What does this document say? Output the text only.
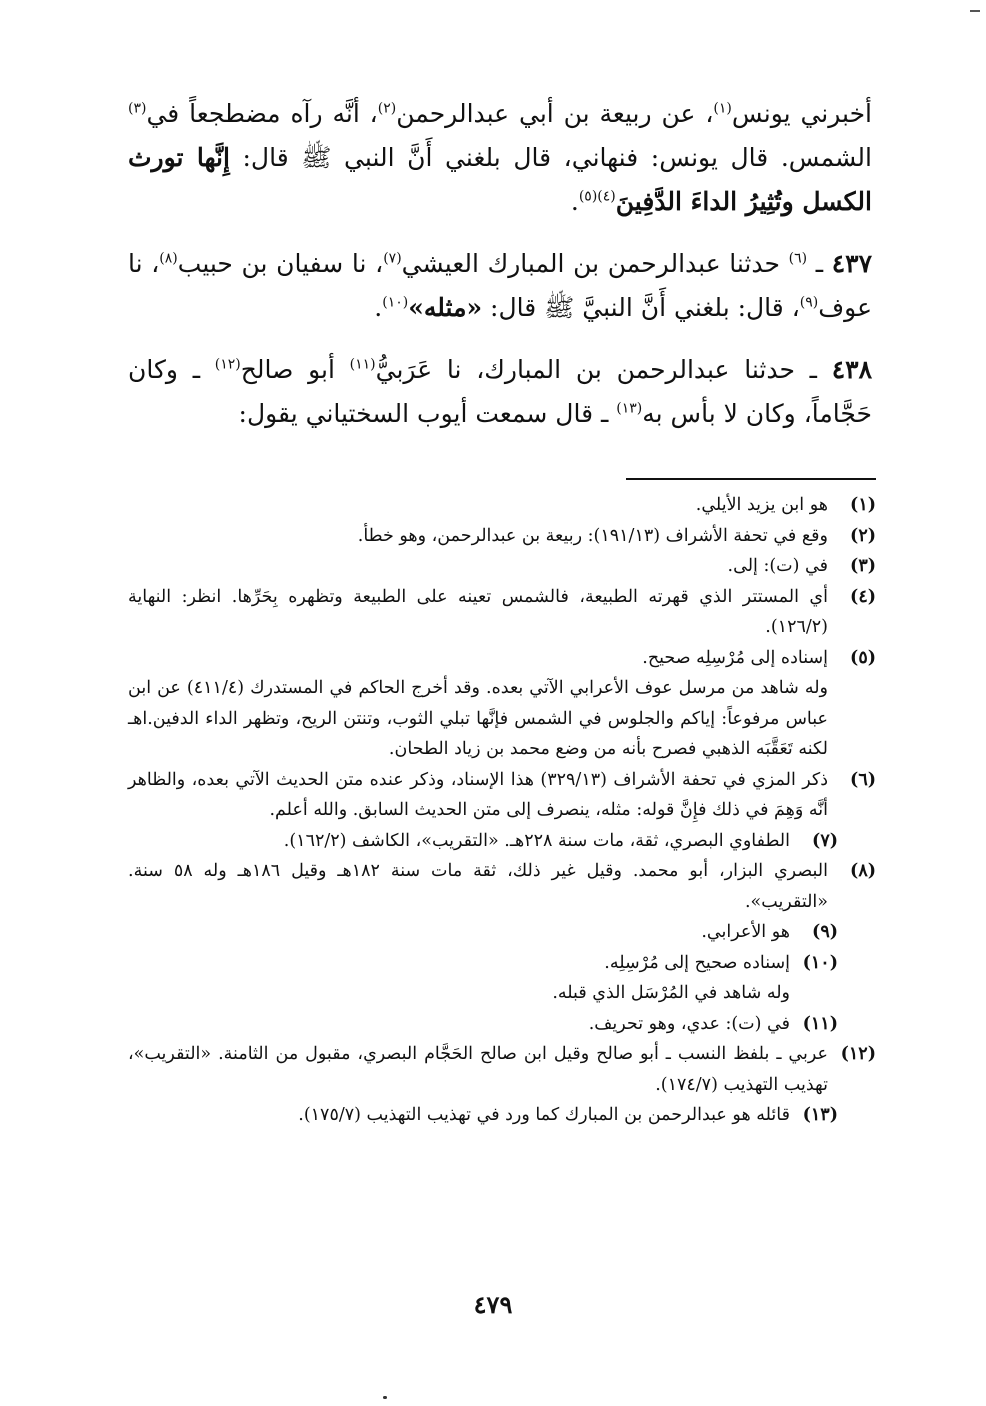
أخبرني يونس$^{(١)}$، عن ربيعة بن أبي عبدالرحمن$^{(٢)}$، أنَّه رآه مضطجعاً في$^{(٣)}$ الشمس. قال يونس: فنهاني، قال بلغني أَنَّ النبي ﷺ قال: إِنَّها تورث الكسل وتُثِيرُ الداءَ الدَّفِينَ$^{(٤)(٥)}$.

٤٣٧ ـ $^{(٦)}$ حدثنا عبدالرحمن بن المبارك العيشي$^{(٧)}$، نا سفيان بن حبيب$^{(٨)}$، نا عوف$^{(٩)}$، قال: بلغني أَنَّ النبيَّ ﷺ قال: «مثله»$^{(١٠)}$.

٤٣٨ ـ حدثنا عبدالرحمن بن المبارك، نا عَرَبيُّ$^{(١١)}$ أبو صالح$^{(١٢)}$ ـ وكان حَجَّاماً، وكان لا بأس به$^{(١٣)}$ ـ قال سمعت أيوب السختياني يقول:

(١)
هو ابن يزيد الأيلي.
(٢)
وقع في تحفة الأشراف (١٩١/١٣): ربيعة بن عبدالرحمن، وهو خطأ.
(٣)
في (ت): إلى.
(٤)
أي المستتر الذي قهرته الطبيعة، فالشمس تعينه على الطبيعة وتظهره بِحَرِّها. انظر: النهاية (١٢٦/٢).
(٥)
إسناده إلى مُرْسِلِه صحيح.
وله شاهد من مرسل عوف الأعرابي الآتي بعده. وقد أخرج الحاكم في المستدرك (٤١١/٤) عن ابن عباس مرفوعاً: إياكم والجلوس في الشمس فإنَّها تبلي الثوب، وتنتن الريح، وتظهر الداء الدفين.اهـ لكنه تَعَقَّبَه الذهبي فصرح بأنه من وضع محمد بن زياد الطحان.
(٦)
ذكر المزي في تحفة الأشراف (٣٢٩/١٣) هذا الإسناد، وذكر عنده متن الحديث الآتي بعده، والظاهر أنَّه وَهِمَ في ذلك فإِنَّ قوله: مثله، ينصرف إلى متن الحديث السابق. والله أعلم.
(٧)
الطفاوي البصري، ثقة، مات سنة ٢٢٨هـ. «التقريب»، الكاشف (١٦٢/٢).
(٨)
البصري البزار، أبو محمد. وقيل غير ذلك، ثقة مات سنة ١٨٢هـ وقيل ١٨٦هـ وله ٥٨ سنة. «التقريب».
(٩)
هو الأعرابي.
(١٠)
إسناده صحيح إلى مُرْسِلِه.
وله شاهد في المُرْسَل الذي قبله.
(١١)
في (ت): عدي، وهو تحريف.
(١٢)
عربي ـ بلفظ النسب ـ أبو صالح وقيل ابن صالح الحَجَّام البصري، مقبول من الثامنة. «التقريب»، تهذيب التهذيب (١٧٤/٧).
(١٣)
قائله هو عبدالرحمن بن المبارك كما ورد في تهذيب التهذيب (١٧٥/٧).
٤٧٩
